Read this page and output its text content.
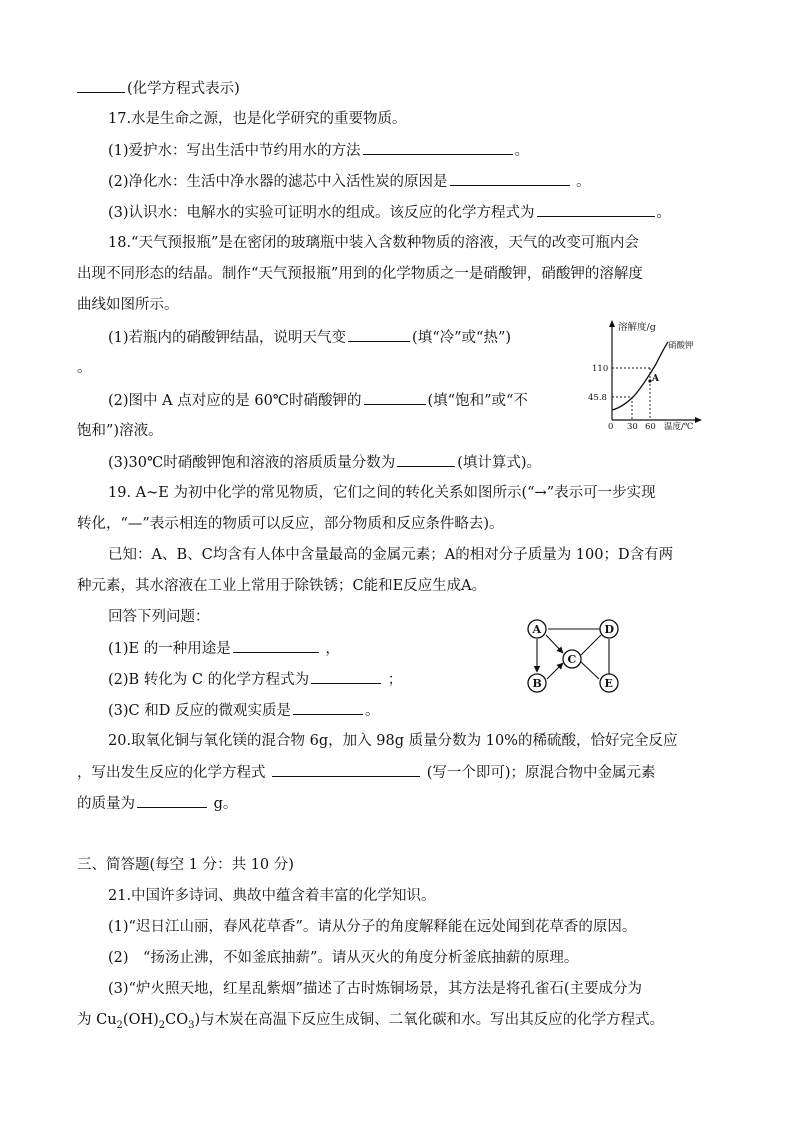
(化学方程式表示)
17.水是生命之源，也是化学研究的重要物质。
(1)爱护水：写出生活中节约用水的方法	。
(2)净化水：生活中净水器的滤芯中入活性炭的原因是	。
(3)认识水：电解水的实验可证明水的组成。该反应的化学方程式为	。
18.“天气预报瓶”是在密闭的玻璃瓶中装入含数种物质的溶液，天气的改变可瓶内会
出现不同形态的结晶。制作“天气预报瓶”用到的化学物质之一是硝酸钾，硝酸钾的溶解度
曲线如图所示。
(1)若瓶内的硝酸钾结晶，说明天气变	(填“冷”或“热”)
。
(2)图中 A 点对应的是 60℃时硝酸钾的	(填“饱和”或“不
饱和”)溶液。
(3)30℃时硝酸钾饱和溶液的溶质质量分数为	(填计算式)。
溶解度/g
硝酸钾
A
110
45.8
0 30 60 温度/℃
19. A~E 为初中化学的常见物质，它们之间的转化关系如图所示(“→”表示可一步实现
转化，“—”表示相连的物质可以反应，部分物质和反应条件略去)。
已知：A、B、C均含有人体中含量最高的金属元素；A的相对分子质量为 100；D含有两
种元素，其水溶液在工业上常用于除铁锈；C能和E反应生成A。
回答下列问题：
(1)E 的一种用途是	，
(2)B 转化为 C 的化学方程式为	；
(3)C 和D 反应的微观实质是	。
A
B
C
D
E
20.取氧化铜与氧化镁的混合物 6g，加入 98g 质量分数为 10%的稀硫酸，恰好完全反应
，写出发生反应的化学方程式	(写一个即可)；原混合物中金属元素
的质量为	g。
三、简答题(每空 1 分：共 10 分)
21.中国许多诗词、典故中蕴含着丰富的化学知识。
(1)“迟日江山丽，春风花草香”。请从分子的角度解释能在远处闻到花草香的原因。
(2)　“扬汤止沸，不如釜底抽薪”。请从灭火的角度分析釜底抽薪的原理。
(3)“炉火照天地，红星乱紫烟”描述了古时炼铜场景，其方法是将孔雀石(主要成分为
为 $Cu_2(OH)_2CO_3$)与木炭在高温下反应生成铜、二氧化碳和水。写出其反应的化学方程式。
